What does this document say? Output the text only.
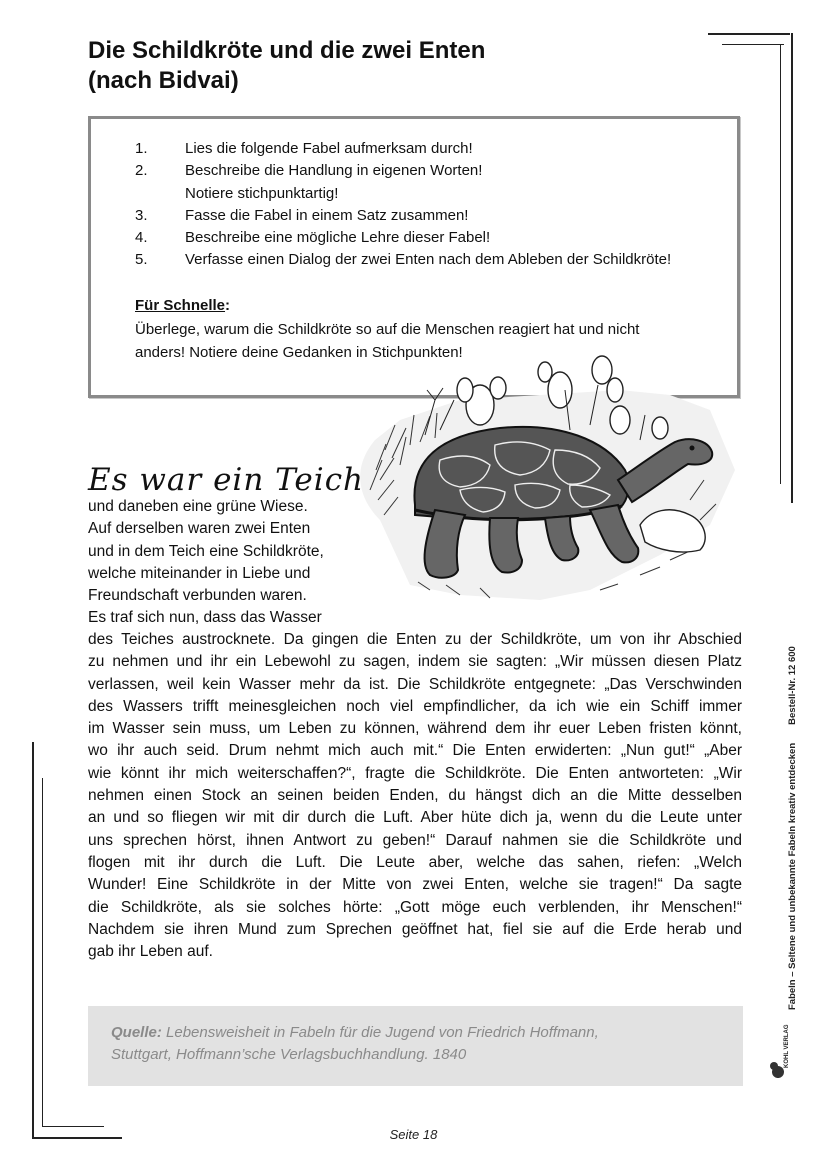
Die Schildkröte und die zwei Enten
(nach Bidvai)
1. Lies die folgende Fabel aufmerksam durch!
2. Beschreibe die Handlung in eigenen Worten!
Notiere stichpunktartig!
3. Fasse die Fabel in einem Satz zusammen!
4. Beschreibe eine mögliche Lehre dieser Fabel!
5. Verfasse einen Dialog der zwei Enten nach dem Ableben der Schildkröte!
Für Schnelle:
Überlege, warum die Schildkröte so auf die Menschen reagiert hat und nicht
anders! Notiere deine Gedanken in Stichpunkten!
Es war ein Teich
und daneben eine grüne Wiese.
Auf derselben waren zwei Enten
und in dem Teich eine Schildkröte,
welche miteinander in Liebe und
Freundschaft verbunden waren.
Es traf sich nun, dass das Wasser
des Teiches austrocknete. Da gingen die Enten zu der Schildkröte, um von ihr Abschied
zu nehmen und ihr ein Lebewohl zu sagen, indem sie sagten: „Wir müssen diesen Platz
verlassen, weil kein Wasser mehr da ist. Die Schildkröte entgegnete: „Das Verschwinden
des Wassers trifft meinesgleichen noch viel empfindlicher, da ich wie ein Schiff immer
im Wasser sein muss, um Leben zu können, während dem ihr euer Leben fristen könnt,
wo ihr auch seid. Drum nehmt mich auch mit.“ Die Enten erwiderten: „Nun gut!“ „Aber
wie könnt ihr mich weiterschaffen?“, fragte die Schildkröte. Die Enten antworteten: „Wir
nehmen einen Stock an seinen beiden Enden, du hängst dich an die Mitte desselben
an und so fliegen wir mit dir durch die Luft. Aber hüte dich ja, wenn du die Leute unter
uns sprechen hörst, ihnen Antwort zu geben!“ Darauf nahmen sie die Schildkröte und
flogen mit ihr durch die Luft. Die Leute aber, welche das sahen, riefen: „Welch
Wunder! Eine Schildkröte in der Mitte von zwei Enten, welche sie tragen!“ Da sagte
die Schildkröte, als sie solches hörte: „Gott möge euch verblenden, ihr Menschen!“
Nachdem sie ihren Mund zum Sprechen geöffnet hat, fiel sie auf die Erde herab und
gab ihr Leben auf.
Quelle: Lebensweisheit in Fabeln für die Jugend von Friedrich Hoffmann,
Stuttgart, Hoffmann’sche Verlagsbuchhandlung. 1840
Seite 18
Fabeln – Seltene und unbekannte Fabeln kreativ entdeckenBestell-Nr. 12 600
KOHL VERLAG
